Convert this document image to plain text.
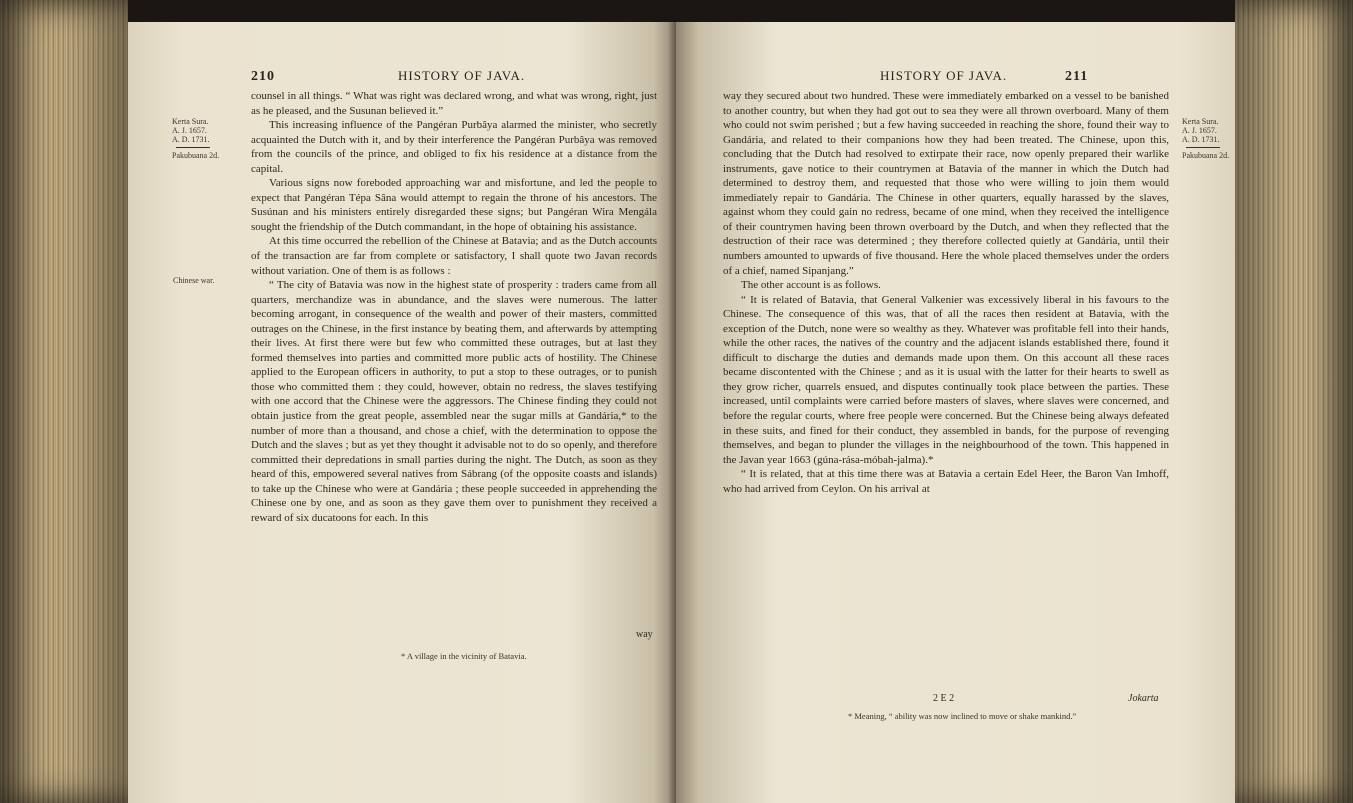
210	HISTORY OF JAVA.
Kerta Sura.
A. J. 1657.
A. D. 1731.
Pakubuana 2d.
Chinese war.

counsel in all things. “ What was right was declared wrong, and what was wrong, right, just as he pleased, and the Susunan believed it.”

This increasing influence of the Pangéran Purbâya alarmed the minister, who secretly acquainted the Dutch with it, and by their interference the Pangéran Purbâya was removed from the councils of the prince, and obliged to fix his residence at a distance from the capital.

Various signs now foreboded approaching war and misfortune, and led the people to expect that Pangéran Tépa Sâna would attempt to regain the throne of his ancestors. The Susúnan and his ministers entirely disregarded these signs; but Pangéran Wira Mengála sought the friendship of the Dutch commandant, in the hope of obtaining his assistance.

At this time occurred the rebellion of the Chinese at Batavia; and as the Dutch accounts of the transaction are far from complete or satisfactory, I shall quote two Javan records without variation. One of them is as follows :

“ The city of Batavia was now in the highest state of prosperity : traders came from all quarters, merchandize was in abundance, and the slaves were numerous. The latter becoming arrogant, in consequence of the wealth and power of their masters, committed outrages on the Chinese, in the first instance by beating them, and afterwards by attempting their lives. At first there were but few who committed these outrages, but at last they formed themselves into parties and committed more public acts of hostility. The Chinese applied to the European officers in authority, to put a stop to these outrages, or to punish those who committed them : they could, however, obtain no redress, the slaves testifying with one accord that the Chinese were the aggressors. The Chinese finding they could not obtain justice from the great people, assembled near the sugar mills at Gandária,* to the number of more than a thousand, and chose a chief, with the determination to oppose the Dutch and the slaves ; but as yet they thought it advisable not to do so openly, and therefore committed their depredations in small parties during the night. The Dutch, as soon as they heard of this, empowered several natives from Sábrang (of the opposite coasts and islands) to take up the Chinese who were at Gandária ; these people succeeded in apprehending the Chinese one by one, and as soon as they gave them over to punishment they received a reward of six ducatoons for each. In this

way
* A village in the vicinity of Batavia.
HISTORY OF JAVA.	211
Kerta Sura.
A. J. 1657.
A. D. 1731.
Pakubuana 2d.

way they secured about two hundred. These were immediately embarked on a vessel to be banished to another country, but when they had got out to sea they were all thrown overboard. Many of them who could not swim perished ; but a few having succeeded in reaching the shore, found their way to Gandária, and related to their companions how they had been treated. The Chinese, upon this, concluding that the Dutch had resolved to extirpate their race, now openly prepared their warlike instruments, gave notice to their countrymen at Batavia of the manner in which the Dutch had determined to destroy them, and requested that those who were willing to join them would immediately repair to Gandária. The Chinese in other quarters, equally harassed by the slaves, against whom they could gain no redress, became of one mind, when they received the intelligence of their countrymen having been thrown overboard by the Dutch, and when they reflected that the destruction of their race was determined ; they therefore collected quietly at Gandária, until their numbers amounted to upwards of five thousand. Here the whole placed themselves under the orders of a chief, named Sipanjang.”

The other account is as follows.

“ It is related of Batavia, that General Valkenier was excessively liberal in his favours to the Chinese. The consequence of this was, that of all the races then resident at Batavia, with the exception of the Dutch, none were so wealthy as they. Whatever was profitable fell into their hands, while the other races, the natives of the country and the adjacent islands established there, found it difficult to discharge the duties and demands made upon them. On this account all these races became discontented with the Chinese ; and as it is usual with the latter for their hearts to swell as they grow richer, quarrels ensued, and disputes continually took place between the parties. These increased, until complaints were carried before masters of slaves, where slaves were concerned, and before the regular courts, where free people were concerned. But the Chinese being always defeated in these suits, and fined for their conduct, they assembled in bands, for the purpose of revenging themselves, and began to plunder the villages in the neighbourhood of the town. This happened in the Javan year 1663 (gúna-rása-móbah-jalma).*

“ It is related, that at this time there was at Batavia a certain Edel Heer, the Baron Van Imhoff, who had arrived from Ceylon. On his arrival at

2 E 2	Jokarta
* Meaning, “ ability was now inclined to move or shake mankind.”
